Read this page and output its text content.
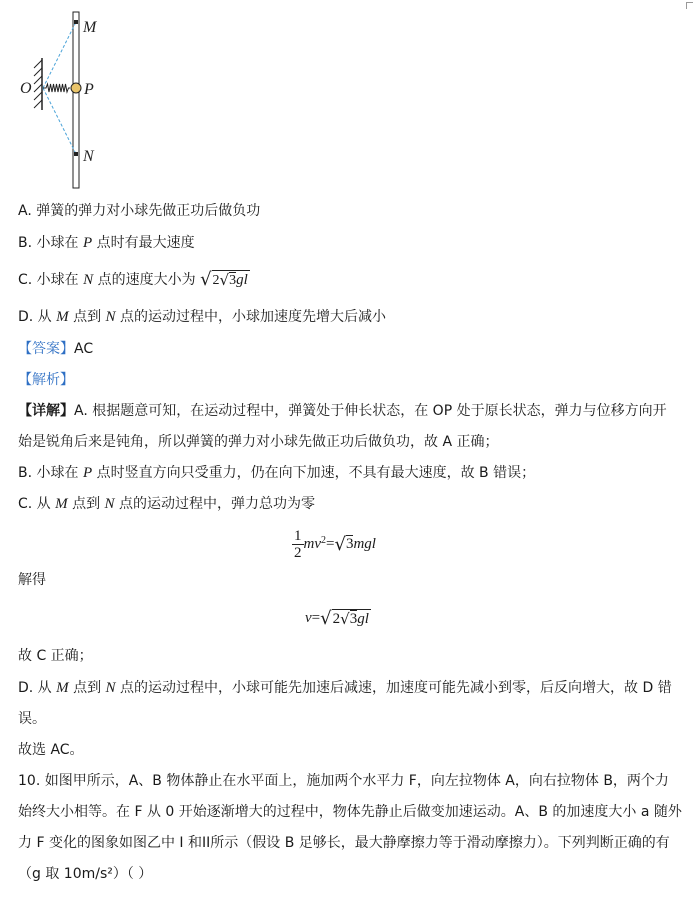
M
O	P
N
A. 弹簧的弹力对小球先做正功后做负功
B. 小球在 P 点时有最大速度
C. 小球在 N 点的速度大小为 √2√3gl
D. 从 M 点到 N 点的运动过程中，小球加速度先增大后减小
【答案】AC
【解析】
【详解】A. 根据题意可知，在运动过程中，弹簧处于伸长状态，在 OP 处于原长状态，弹力与位移方向开
始是锐角后来是钝角，所以弹簧的弹力对小球先做正功后做负功，故 A 正确；
B. 小球在 P 点时竖直方向只受重力，仍在向下加速，不具有最大速度，故 B 错误；
C. 从 M 点到 N 点的运动过程中，弹力总功为零
$\frac{1}{2} mv^2$ = √ 3 mgl
解得
v = √ 2√3gl
故 C 正确；
D. 从 M 点到 N 点的运动过程中，小球可能先加速后减速，加速度可能先减小到零，后反向增大，故 D 错
误。
故选 AC。
10. 如图甲所示，A、B 物体静止在水平面上，施加两个水平力 F，向左拉物体 A，向右拉物体 B，两个力
始终大小相等。在 F 从 0 开始逐渐增大的过程中，物体先静止后做变加速运动。A、B 的加速度大小 a 随外
力 F 变化的图象如图乙中 I 和II所示（假设 B 足够长，最大静摩擦力等于滑动摩擦力）。下列判断正确的有
（g 取 10m/s²）（ ）
